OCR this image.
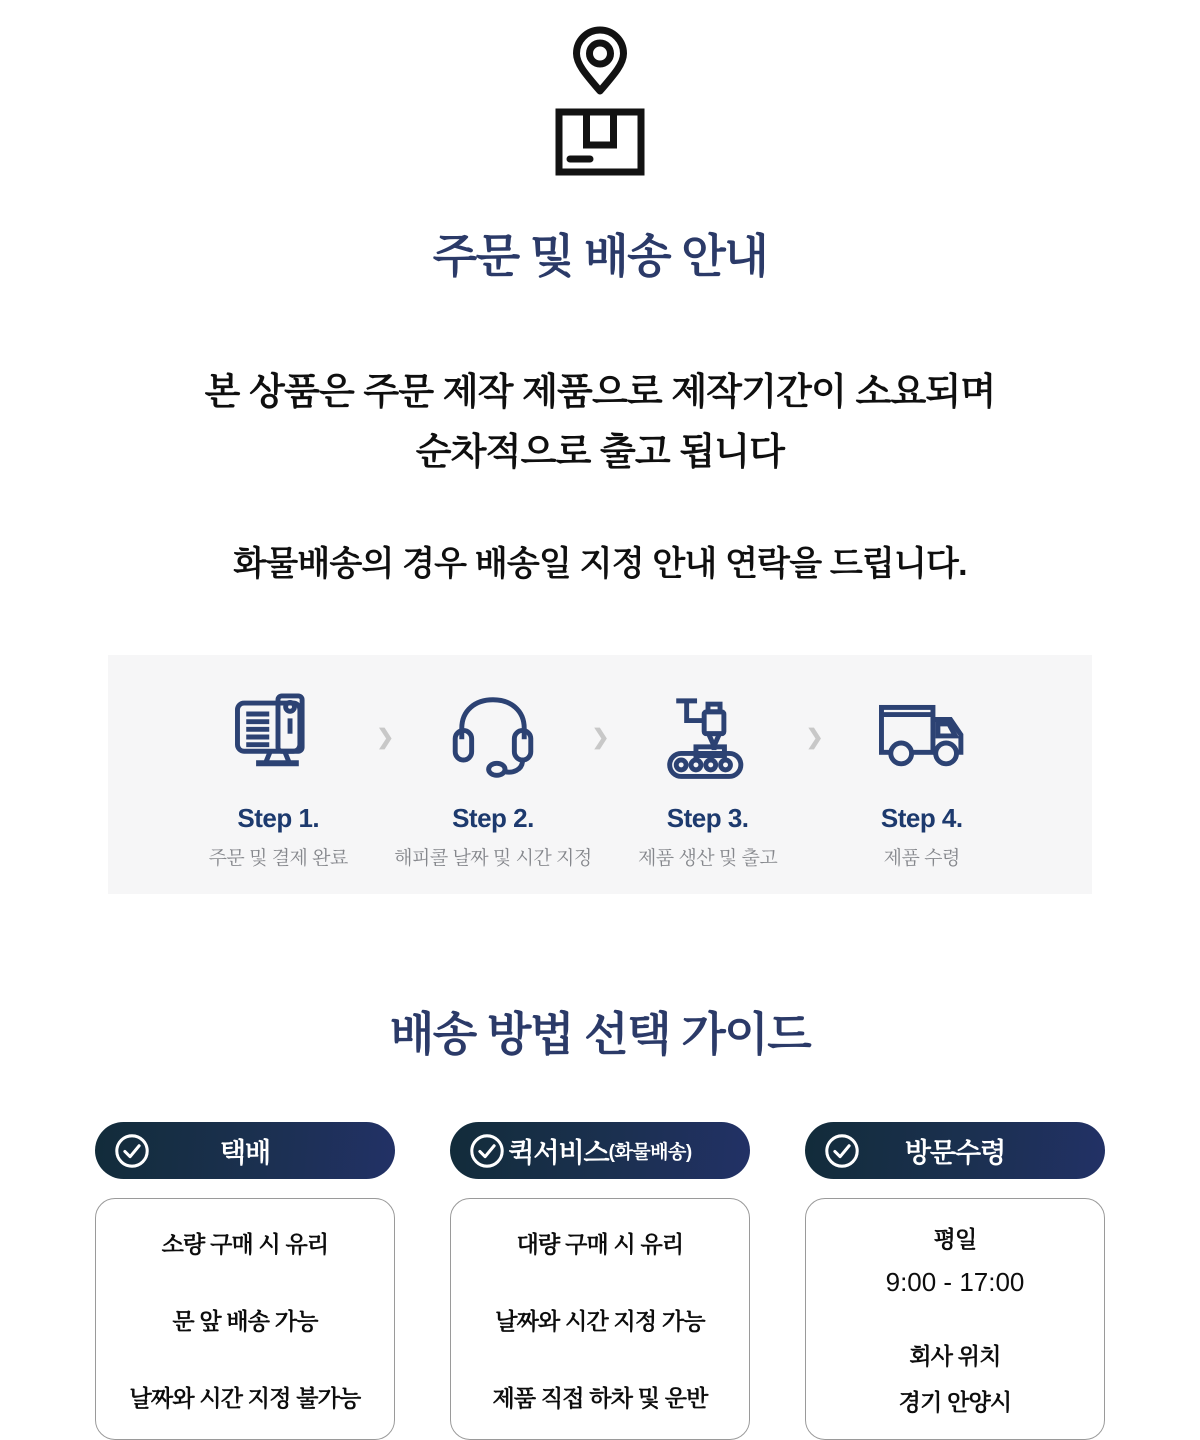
주문 및 배송 안내
본 상품은 주문 제작 제품으로 제작기간이 소요되며
순차적으로 출고 됩니다
화물배송의 경우 배송일 지정 안내 연락을 드립니다.
Step 1.
주문 및 결제 완료
❯
Step 2.
해피콜 날짜 및 시간 지정
❯
Step 3.
제품 생산 및 출고
❯
Step 4.
제품 수령
배송 방법 선택 가이드
택배
소량 구매 시 유리
문 앞 배송 가능
날짜와 시간 지정 불가능
퀵서비스 (화물배송)
대량 구매 시 유리
날짜와 시간 지정 가능
제품 직접 하차 및 운반
방문수령
평일
9:00 - 17:00
회사 위치
경기 안양시
